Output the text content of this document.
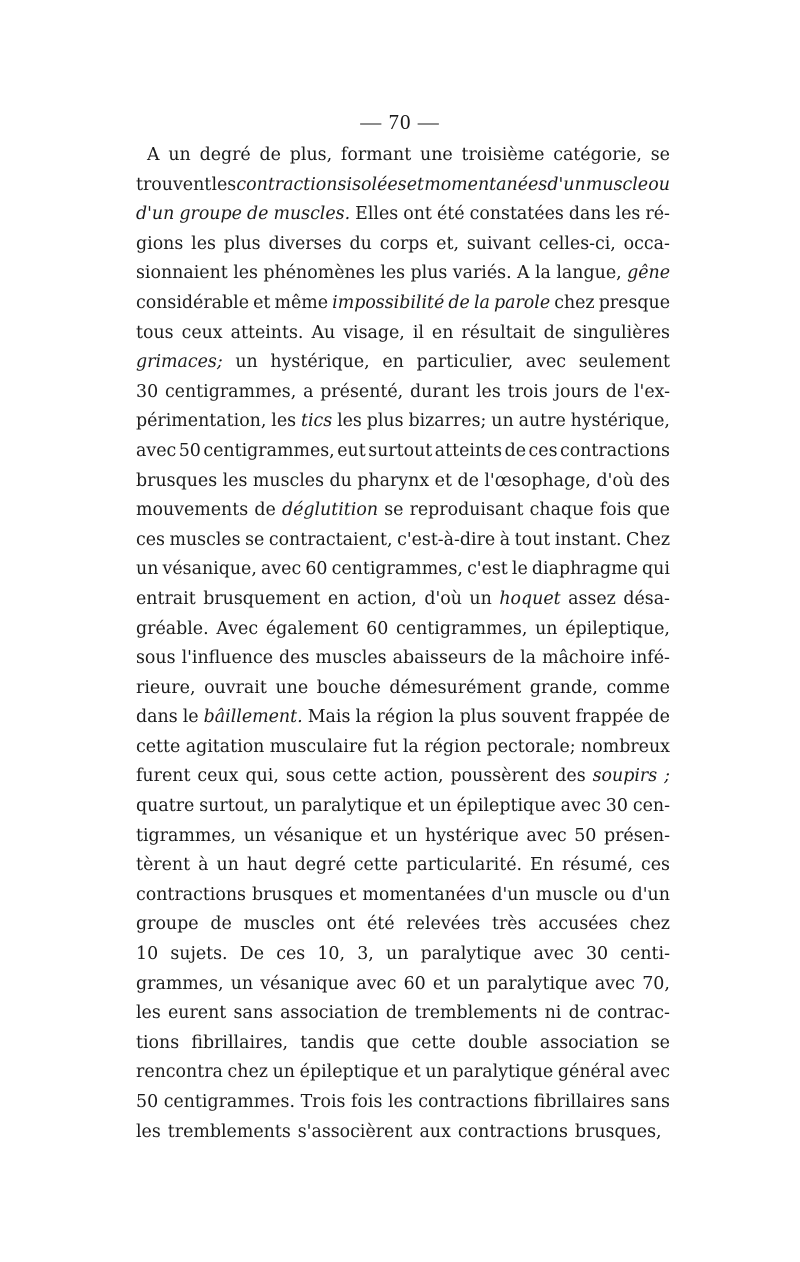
— 70 —
A un degré de plus, formant une troisième catégorie, se
trouvent les contractions isolées et momentanées d'un muscle ou
d'un groupe de muscles. Elles ont été constatées dans les ré-
gions les plus diverses du corps et, suivant celles-ci, occa-
sionnaient les phénomènes les plus variés. A la langue, gêne
considérable et même impossibilité de la parole chez presque
tous ceux atteints. Au visage, il en résultait de singulières
grimaces; un hystérique, en particulier, avec seulement
30 centigrammes, a présenté, durant les trois jours de l'ex-
périmentation, les tics les plus bizarres; un autre hystérique,
avec 50 centigrammes, eut surtout atteints de ces contractions
brusques les muscles du pharynx et de l'œsophage, d'où des
mouvements de déglutition se reproduisant chaque fois que
ces muscles se contractaient, c'est-à-dire à tout instant. Chez
un vésanique, avec 60 centigrammes, c'est le diaphragme qui
entrait brusquement en action, d'où un hoquet assez désa-
gréable. Avec également 60 centigrammes, un épileptique,
sous l'influence des muscles abaisseurs de la mâchoire infé-
rieure, ouvrait une bouche démesurément grande, comme
dans le bâillement. Mais la région la plus souvent frappée de
cette agitation musculaire fut la région pectorale; nombreux
furent ceux qui, sous cette action, poussèrent des soupirs ;
quatre surtout, un paralytique et un épileptique avec 30 cen-
tigrammes, un vésanique et un hystérique avec 50 présen-
tèrent à un haut degré cette particularité. En résumé, ces
contractions brusques et momentanées d'un muscle ou d'un
groupe de muscles ont été relevées très accusées chez
10 sujets. De ces 10, 3, un paralytique avec 30 centi-
grammes, un vésanique avec 60 et un paralytique avec 70,
les eurent sans association de tremblements ni de contrac-
tions fibrillaires, tandis que cette double association se
rencontra chez un épileptique et un paralytique général avec
50 centigrammes. Trois fois les contractions fibrillaires sans
les tremblements s'associèrent aux contractions brusques,
